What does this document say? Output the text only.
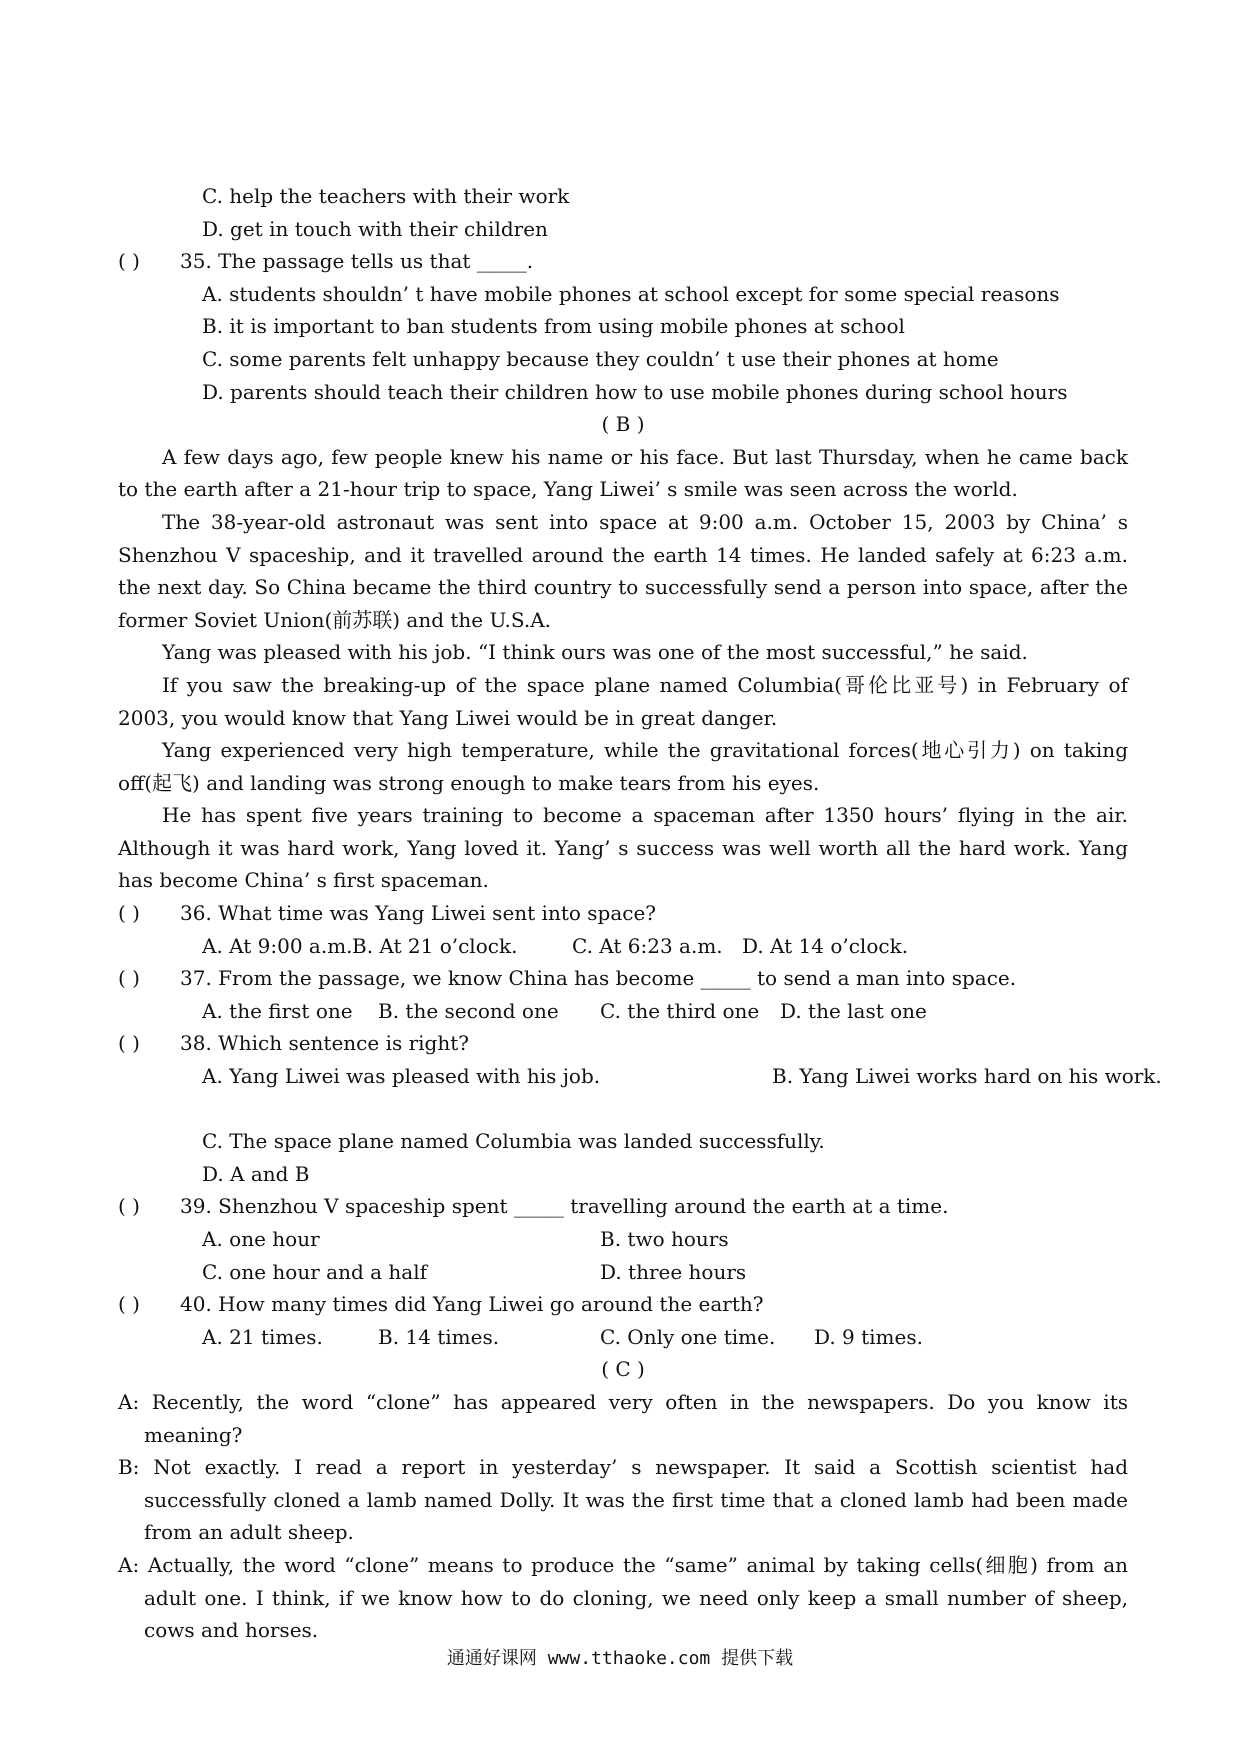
C. help the teachers with their work
D. get in touch with their children
( ) 35. The passage tells us that _____.
A. students shouldn’ t have mobile phones at school except for some special reasons
B. it is important to ban students from using mobile phones at school
C. some parents felt unhappy because they couldn’ t use their phones at home
D. parents should teach their children how to use mobile phones during school hours
( B )
A few days ago, few people knew his name or his face. But last Thursday, when he came back to the earth after a 21-hour trip to space, Yang Liwei’ s smile was seen across the world.
The 38-year-old astronaut was sent into space at 9:00 a.m. October 15, 2003 by China’ s Shenzhou V spaceship, and it travelled around the earth 14 times. He landed safely at 6:23 a.m. the next day. So China became the third country to successfully send a person into space, after the former Soviet Union(前苏联) and the U.S.A.
Yang was pleased with his job. “I think ours was one of the most successful,” he said.
If you saw the breaking-up of the space plane named Columbia(哥伦比亚号) in February of 2003, you would know that Yang Liwei would be in great danger.
Yang experienced very high temperature, while the gravitational forces(地心引力) on taking off(起飞) and landing was strong enough to make tears from his eyes.
He has spent five years training to become a spaceman after 1350 hours’ flying in the air. Although it was hard work, Yang loved it. Yang’ s success was well worth all the hard work. Yang has become China’ s first spaceman.
( ) 36. What time was Yang Liwei sent into space?
A. At 9:00 a.m.B. At 21 o’clock.	C. At 6:23 a.m. D. At 14 o’clock.
( ) 37. From the passage, we know China has become _____ to send a man into space.
A. the first one B. the second one C. the third one D. the last one
( ) 38. Which sentence is right?
A. Yang Liwei was pleased with his job.	B. Yang Liwei works hard on his work.
C. The space plane named Columbia was landed successfully.
D. A and B
( ) 39. Shenzhou V spaceship spent _____ travelling around the earth at a time.
A. one hour	B. two hours
C. one hour and a half	D. three hours
( ) 40. How many times did Yang Liwei go around the earth?
A. 21 times.	B. 14 times.	C. Only one time. D. 9 times.
( C )
A: Recently, the word “clone” has appeared very often in the newspapers. Do you know its meaning?
B: Not exactly. I read a report in yesterday’ s newspaper. It said a Scottish scientist had successfully cloned a lamb named Dolly. It was the first time that a cloned lamb had been made from an adult sheep.
A: Actually, the word “clone” means to produce the “same” animal by taking cells(细胞) from an adult one. I think, if we know how to do cloning, we need only keep a small number of sheep, cows and horses.
通通好课网 www.tthaoke.com 提供下载
